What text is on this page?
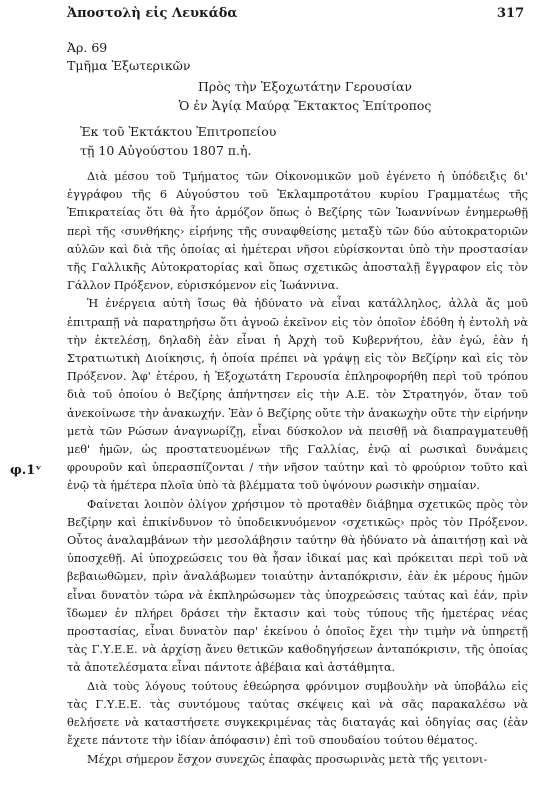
Ἀποστολὴ εἰς Λευκάδα	317
Ἀρ. 69
Τμῆμα Ἐξωτερικῶν
Πρὸς τὴν Ἐξοχωτάτην Γερουσίαν
Ὁ ἐν Ἁγίᾳ Μαύρᾳ Ἔκτακτος Ἐπίτροπος
Ἐκ τοῦ Ἐκτάκτου Ἐπιτροπείου
τῇ 10 Αὐγούστου 1807 π.ἡ.
φ.1ᵛ

Διὰ μέσου τοῦ Τμήματος τῶν Οἰκονομικῶν μοῦ ἐγένετο ἡ ὑπόδειξις δι' ἐγγράφου τῆς 6 Αὐγούστου τοῦ Ἐκλαμπροτάτου κυρίου Γραμματέως τῆς Ἐπικρατείας ὅτι θὰ ἦτο ἁρμόζον ὅπως ὁ Βεζίρης τῶν Ἰωαννίνων ἐνημερωθῇ περὶ τῆς ‹συνθήκης› εἰρήνης τῆς συναφθείσης μεταξὺ τῶν δύο αὐτοκρατοριῶν αὐλῶν καὶ διὰ τῆς ὁποίας αἱ ἡμέτεραι νῆσοι εὑρίσκονται ὑπὸ τὴν προστασίαν τῆς Γαλλικῆς Αὐτοκρατορίας καὶ ὅπως σχετικῶς ἀποσταλῇ ἔγγραφον εἰς τὸν Γάλλον Πρόξενον, εὑρισκόμενον εἰς Ἰωάννινα.

Ἡ ἐνέργεια αὐτὴ ἴσως θὰ ἠδύνατο νὰ εἶναι κατάλληλος, ἀλλὰ ἄς μοῦ ἐπιτραπῇ νὰ παρατηρήσω ὅτι ἀγνοῶ ἐκεῖνον εἰς τὸν ὁποῖον ἐδόθη ἡ ἐντολὴ νὰ τὴν ἐκτελέσῃ, δηλαδὴ ἐὰν εἶναι ἡ Ἀρχὴ τοῦ Κυβερνήτου, ἐὰν ἐγώ, ἐὰν ἡ Στρατιωτικὴ Διοίκησις, ἡ ὁποία πρέπει νὰ γράψῃ εἰς τὸν Βεζίρην καὶ εἰς τὸν Πρόξενον. Ἀφ' ἑτέρου, ἡ Ἐξοχωτάτη Γερουσία ἐπληροφορήθη περὶ τοῦ τρόπου διὰ τοῦ ὁποίου ὁ Βεζίρης ἀπήντησεν εἰς τὴν Α.Ε. τὸν Στρατηγόν, ὅταν τοῦ ἀνεκοίνωσε τὴν ἀνακωχήν. Ἐὰν ὁ Βεζίρης οὔτε τὴν ἀνακωχὴν οὔτε τὴν εἰρήνην μετὰ τῶν Ρώσων ἀναγνωρίζῃ, εἶναι δύσκολον νὰ πεισθῇ νὰ διαπραγματευθῇ μεθ' ἡμῶν, ὡς προστατευομένων τῆς Γαλλίας, ἐνῷ αἱ ρωσικαὶ δυνάμεις φρουροῦν καὶ ὑπερασπίζονται / τὴν νῆσον ταύτην καὶ τὸ φρούριον τοῦτο καὶ ἐνῷ τὰ ἡμέτερα πλοῖα ὑπὸ τὰ βλέμματα τοῦ ὑψόνουν ρωσικὴν σημαίαν.

Φαίνεται λοιπὸν ὀλίγον χρήσιμον τὸ προταθὲν διάβημα σχετικῶς πρὸς τὸν Βεζίρην καὶ ἐπικίνδυνον τὸ ὑποδεικνυόμενον ‹σχετικῶς› πρὸς τὸν Πρόξενον. Οὗτος ἀναλαμβάνων τὴν μεσολάβησιν ταύτην θὰ ἠδύνατο νὰ ἀπαιτήσῃ καὶ νὰ ὑποσχεθῇ. Αἱ ὑποχρεώσεις του θὰ ἦσαν ἰδικαί μας καὶ πρόκειται περὶ τοῦ νὰ βεβαιωθῶμεν, πρὶν ἀναλάβωμεν τοιαύτην ἀνταπόκρισιν, ἐὰν ἐκ μέρους ἡμῶν εἶναι δυνατὸν τώρα νὰ ἐκπληρώσωμεν τὰς ὑποχρεώσεις ταύτας καὶ ἐάν, πρὶν ἴδωμεν ἐν πλήρει δράσει τὴν ἔκτασιν καὶ τοὺς τύπους τῆς ἡμετέρας νέας προστασίας, εἶναι δυνατὸν παρ' ἐκείνου ὁ ὁποῖος ἔχει τὴν τιμὴν νὰ ὑπηρετῇ τὰς Γ.Υ.Ε.Ε. νὰ ἀρχίσῃ ἄνευ θετικῶν καθοδηγήσεων ἀνταπόκρισιν, τῆς ὁποίας τὰ ἀποτελέσματα εἶναι πάντοτε ἀβέβαια καὶ ἀστάθμητα.

Διὰ τοὺς λόγους τούτους ἐθεώρησα φρόνιμον συμβουλὴν νὰ ὑποβάλω εἰς τὰς Γ.Υ.Ε.Ε. τὰς συντόμους ταύτας σκέψεις καὶ νὰ σᾶς παρακαλέσω νὰ θελήσετε νὰ καταστήσετε συγκεκριμένας τὰς διαταγάς καὶ ὁδηγίας σας (ἐὰν ἔχετε πάντοτε τὴν ἰδίαν ἀπόφασιν) ἐπὶ τοῦ σπουδαίου τούτου θέματος.

Μέχρι σήμερον ἔσχον συνεχῶς ἐπαφὰς προσωρινὰς μετὰ τῆς γειτονι-
